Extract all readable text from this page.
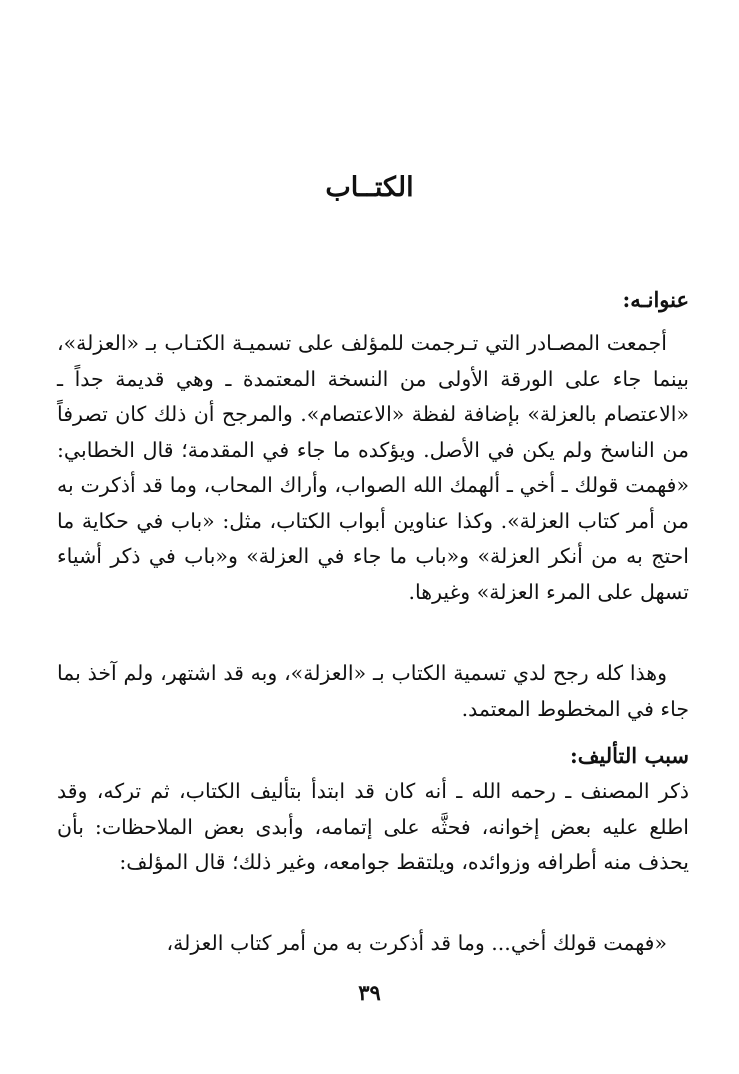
الكتــاب
عنوانـه:

أجمعت المصـادر التي تـرجمت للمؤلف على تسميـة الكتـاب بـ «العزلة»، بينما جاء على الورقة الأولى من النسخة المعتمدة ـ وهي قديمة جداً ـ «الاعتصام بالعزلة» بإضافة لفظة «الاعتصام». والمرجح أن ذلك كان تصرفاً من الناسخ ولم يكن في الأصل. ويؤكده ما جاء في المقدمة؛ قال الخطابي: «فهمت قولك ـ أخي ـ ألهمك الله الصواب، وأراك المحاب، وما قد أذكرت به من أمر كتاب العزلة». وكذا عناوين أبواب الكتاب، مثل: «باب في حكاية ما احتج به من أنكر العزلة» و«باب ما جاء في العزلة» و«باب في ذكر أشياء تسهل على المرء العزلة» وغيرها.

وهذا كله رجح لدي تسمية الكتاب بـ «العزلة»، وبه قد اشتهر، ولم آخذ بما جاء في المخطوط المعتمد.

سبب التأليف:

ذكر المصنف ـ رحمه الله ـ أنه كان قد ابتدأ بتأليف الكتاب، ثم تركه، وقد اطلع عليه بعض إخوانه، فحثَّه على إتمامه، وأبدى بعض الملاحظات: بأن يحذف منه أطرافه وزوائده، ويلتقط جوامعه، وغير ذلك؛ قال المؤلف:

«فهمت قولك أخي... وما قد أذكرت به من أمر كتاب العزلة،

٣٩
